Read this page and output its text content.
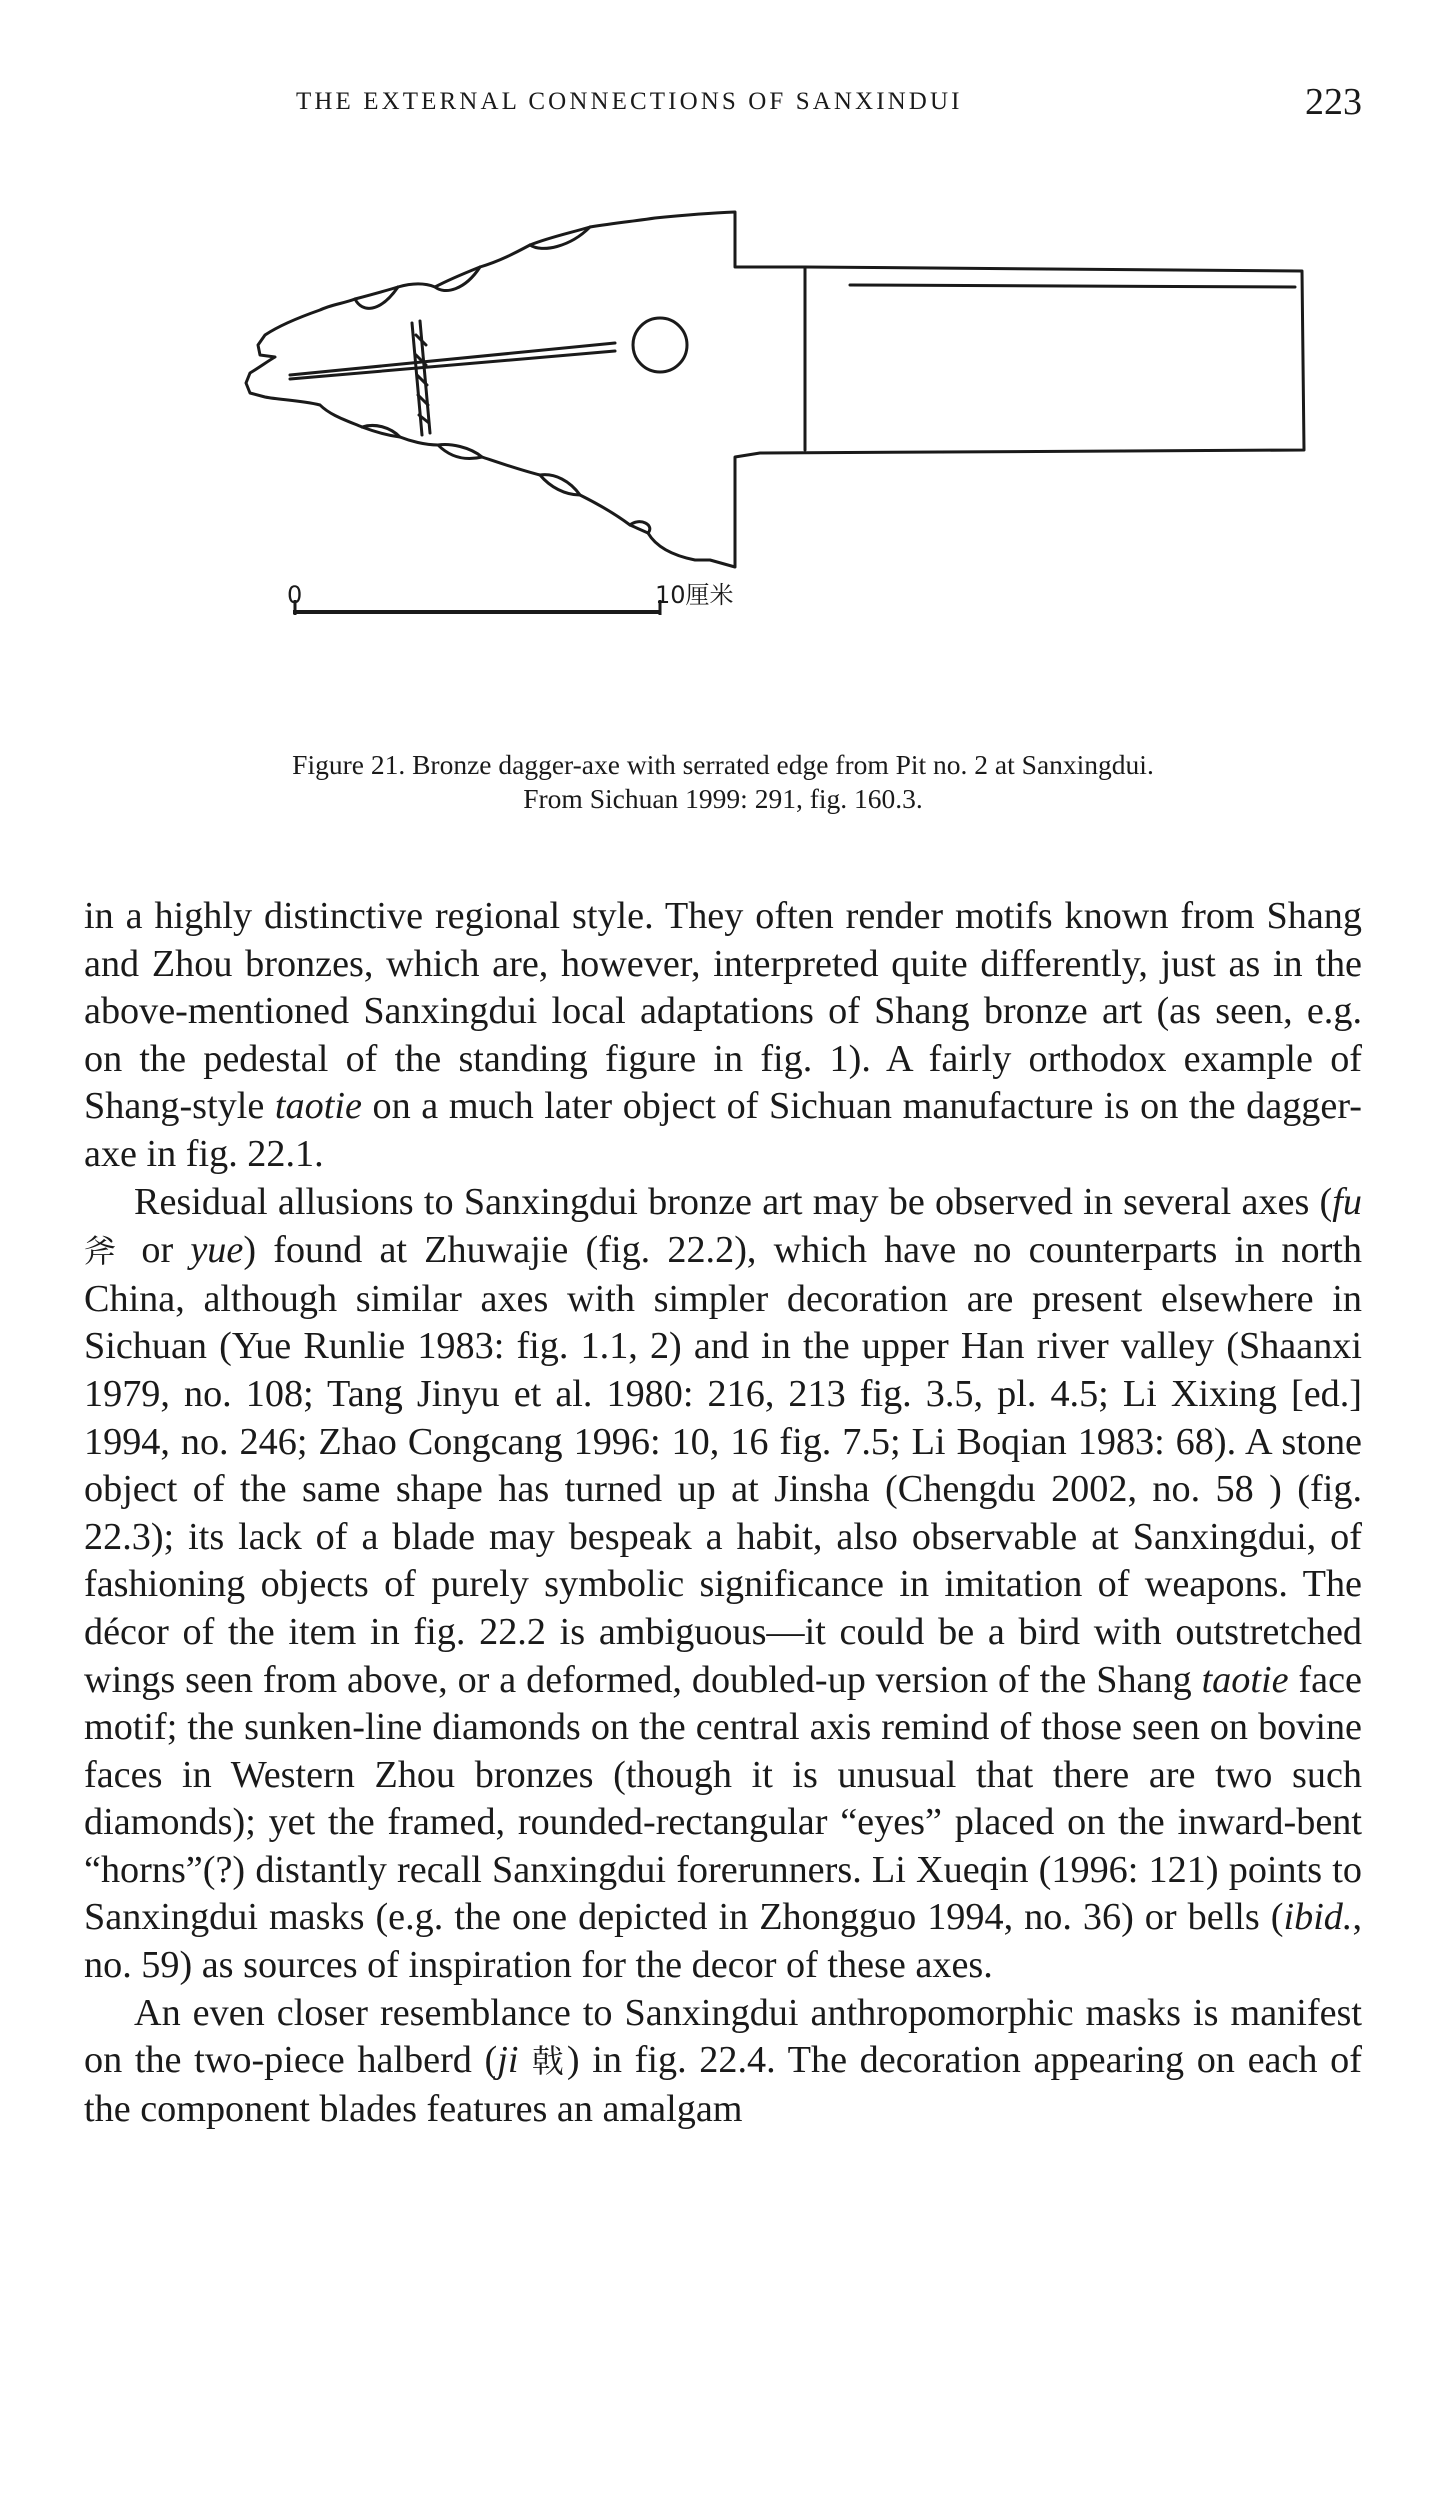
THE EXTERNAL CONNECTIONS OF SANXINDUI	223
0	10厘米
Figure 21. Bronze dagger-axe with serrated edge from Pit no. 2 at Sanxingdui.
From Sichuan 1999: 291, fig. 160.3.

in a highly distinctive regional style. They often render motifs known from Shang and Zhou bronzes, which are, however, interpreted quite differently, just as in the above-mentioned Sanxingdui local adaptations of Shang bronze art (as seen, e.g. on the pedestal of the standing figure in fig. 1). A fairly orthodox example of Shang-style taotie on a much later object of Sichuan manufacture is on the dagger-axe in fig. 22.1.

Residual allusions to Sanxingdui bronze art may be observed in several axes (fu 斧 or yue) found at Zhuwajie (fig. 22.2), which have no counterparts in north China, although similar axes with simpler decoration are present elsewhere in Sichuan (Yue Runlie 1983: fig. 1.1, 2) and in the upper Han river valley (Shaanxi 1979, no. 108; Tang Jinyu et al. 1980: 216, 213 fig. 3.5, pl. 4.5; Li Xixing [ed.] 1994, no. 246; Zhao Congcang 1996: 10, 16 fig. 7.5; Li Boqian 1983: 68). A stone object of the same shape has turned up at Jinsha (Chengdu 2002, no. 58 ) (fig. 22.3); its lack of a blade may bespeak a habit, also observable at Sanxingdui, of fashioning objects of purely symbolic significance in imitation of weapons. The décor of the item in fig. 22.2 is ambiguous—it could be a bird with outstretched wings seen from above, or a deformed, doubled-up version of the Shang taotie face motif; the sunken-line diamonds on the central axis remind of those seen on bovine faces in Western Zhou bronzes (though it is unusual that there are two such diamonds); yet the framed, rounded-rectangular “eyes” placed on the inward-bent “horns”(?) distantly recall Sanxingdui forerunners. Li Xueqin (1996: 121) points to Sanxingdui masks (e.g. the one depicted in Zhongguo 1994, no. 36) or bells (ibid., no. 59) as sources of inspiration for the decor of these axes.

An even closer resemblance to Sanxingdui anthropomorphic masks is manifest on the two-piece halberd (ji 戟) in fig. 22.4. The decoration appearing on each of the component blades features an amalgam
